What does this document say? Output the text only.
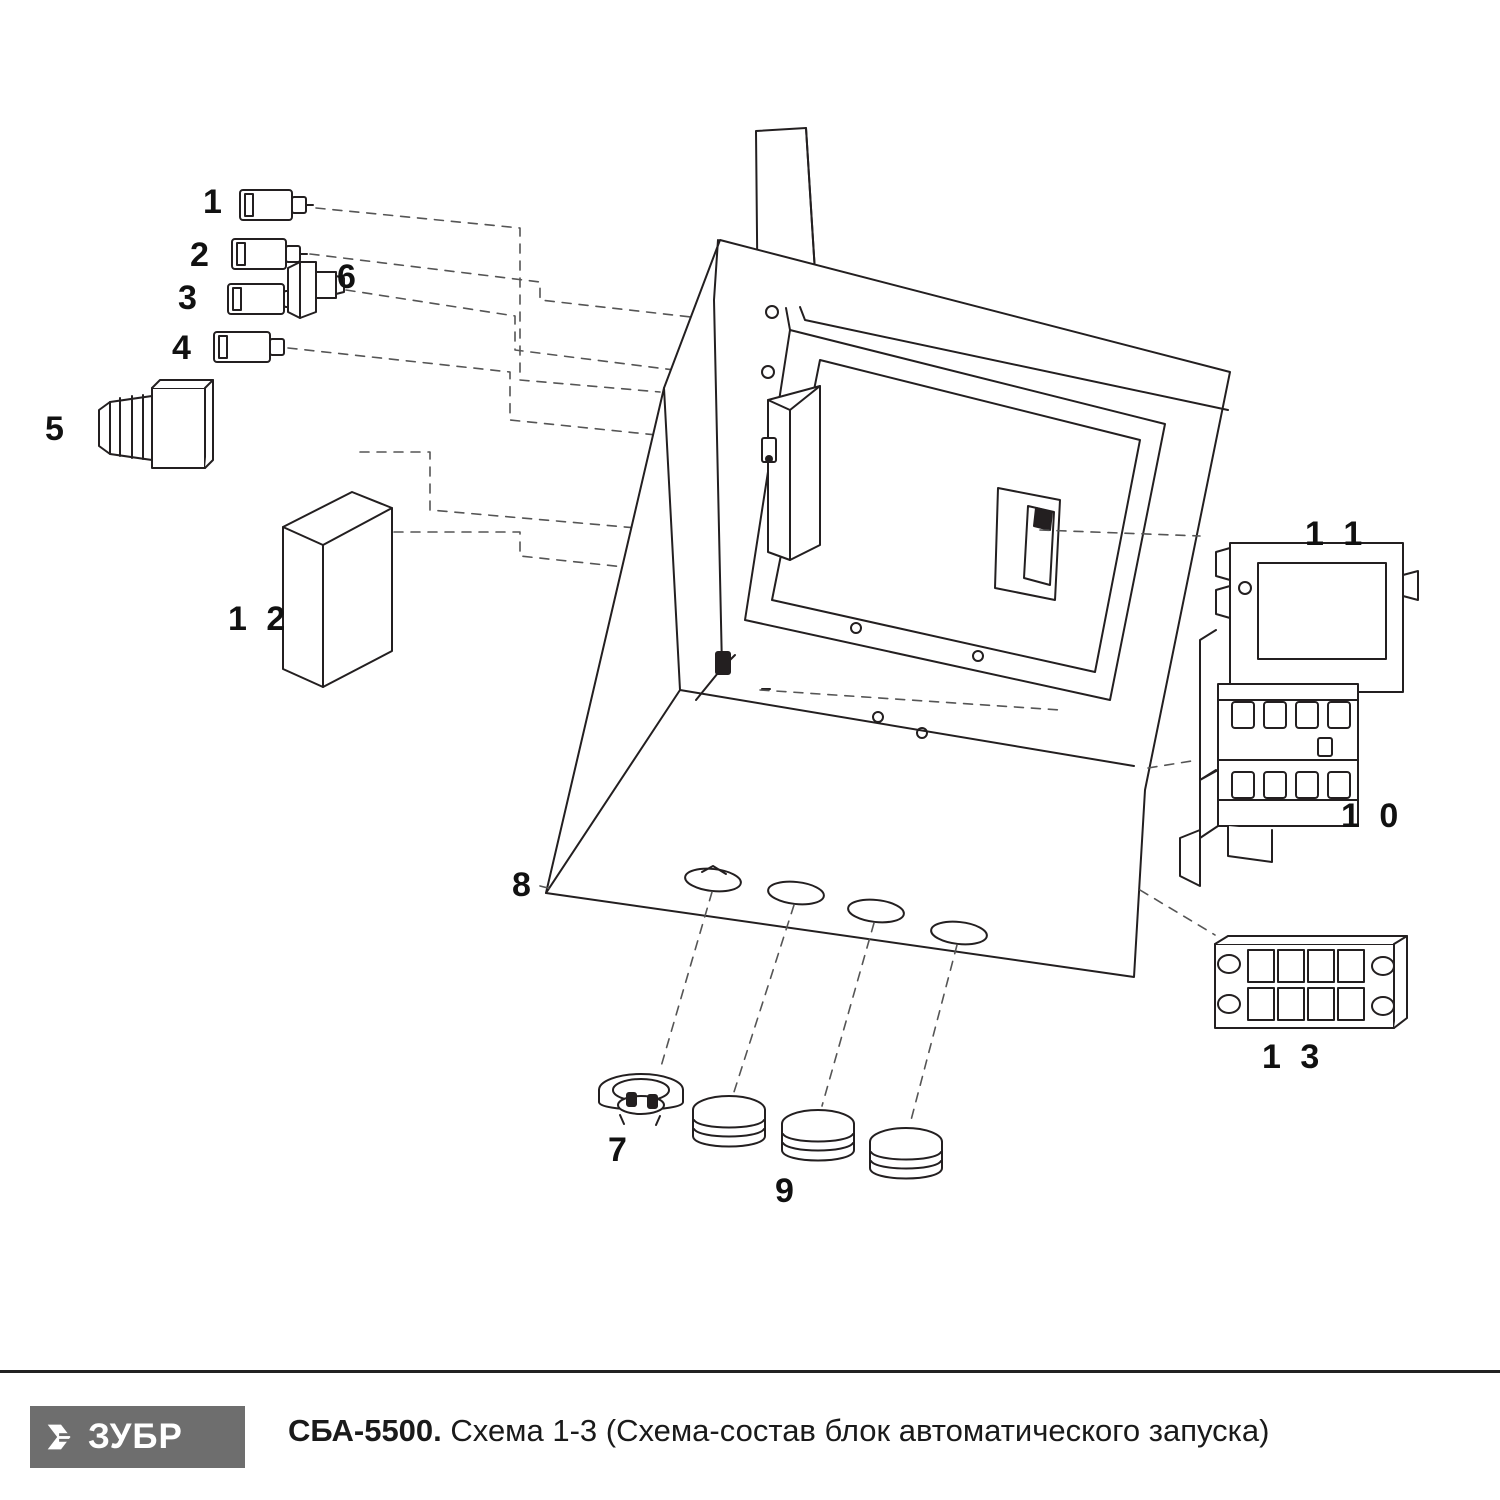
1
2
3
4
5
6
7
8
9
1 0
1 1
1 2
1 3
ЗУБР	СБА-5500. Схема 1-3 (Схема-состав блок автоматического запуска)
